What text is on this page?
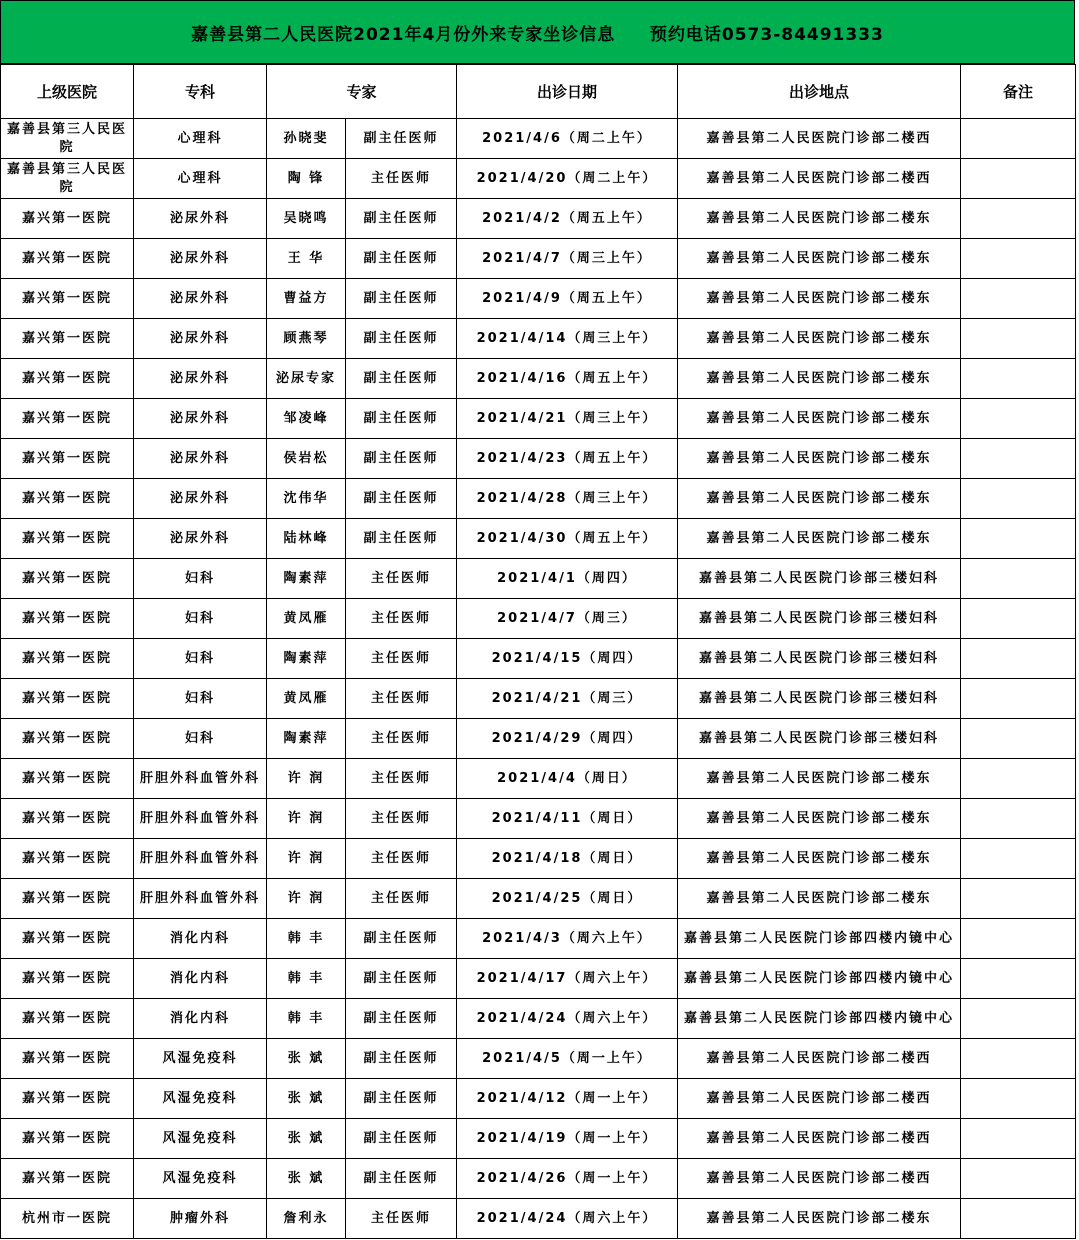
嘉善县第二人民医院2021年4月份外来专家坐诊信息
预约电话0573-84491333
上级医院	专科	专家		出诊日期	出诊地点	备注
嘉善县第三人民医院	心理科	孙晓斐	副主任医师	2021/4/6（周二上午）	嘉善县第二人民医院门诊部二楼西	
嘉善县第三人民医院	心理科	陶 锋	主任医师	2021/4/20（周二上午）	嘉善县第二人民医院门诊部二楼西	
嘉兴第一医院	泌尿外科	吴晓鸣	副主任医师	2021/4/2（周五上午）	嘉善县第二人民医院门诊部二楼东	
嘉兴第一医院	泌尿外科	王 华	副主任医师	2021/4/7（周三上午）	嘉善县第二人民医院门诊部二楼东	
嘉兴第一医院	泌尿外科	曹益方	副主任医师	2021/4/9（周五上午）	嘉善县第二人民医院门诊部二楼东	
嘉兴第一医院	泌尿外科	顾燕琴	副主任医师	2021/4/14（周三上午）	嘉善县第二人民医院门诊部二楼东	
嘉兴第一医院	泌尿外科	泌尿专家	副主任医师	2021/4/16（周五上午）	嘉善县第二人民医院门诊部二楼东	
嘉兴第一医院	泌尿外科	邹凌峰	副主任医师	2021/4/21（周三上午）	嘉善县第二人民医院门诊部二楼东	
嘉兴第一医院	泌尿外科	侯岩松	副主任医师	2021/4/23（周五上午）	嘉善县第二人民医院门诊部二楼东	
嘉兴第一医院	泌尿外科	沈伟华	副主任医师	2021/4/28（周三上午）	嘉善县第二人民医院门诊部二楼东	
嘉兴第一医院	泌尿外科	陆林峰	副主任医师	2021/4/30（周五上午）	嘉善县第二人民医院门诊部二楼东	
嘉兴第一医院	妇科	陶素萍	主任医师	2021/4/1（周四）	嘉善县第二人民医院门诊部三楼妇科	
嘉兴第一医院	妇科	黄凤雁	主任医师	2021/4/7（周三）	嘉善县第二人民医院门诊部三楼妇科	
嘉兴第一医院	妇科	陶素萍	主任医师	2021/4/15（周四）	嘉善县第二人民医院门诊部三楼妇科	
嘉兴第一医院	妇科	黄凤雁	主任医师	2021/4/21（周三）	嘉善县第二人民医院门诊部三楼妇科	
嘉兴第一医院	妇科	陶素萍	主任医师	2021/4/29（周四）	嘉善县第二人民医院门诊部三楼妇科	
嘉兴第一医院	肝胆外科血管外科	许 润	主任医师	2021/4/4（周日）	嘉善县第二人民医院门诊部二楼东	
嘉兴第一医院	肝胆外科血管外科	许 润	主任医师	2021/4/11（周日）	嘉善县第二人民医院门诊部二楼东	
嘉兴第一医院	肝胆外科血管外科	许 润	主任医师	2021/4/18（周日）	嘉善县第二人民医院门诊部二楼东	
嘉兴第一医院	肝胆外科血管外科	许 润	主任医师	2021/4/25（周日）	嘉善县第二人民医院门诊部二楼东	
嘉兴第一医院	消化内科	韩 丰	副主任医师	2021/4/3（周六上午）	嘉善县第二人民医院门诊部四楼内镜中心	
嘉兴第一医院	消化内科	韩 丰	副主任医师	2021/4/17（周六上午）	嘉善县第二人民医院门诊部四楼内镜中心	
嘉兴第一医院	消化内科	韩 丰	副主任医师	2021/4/24（周六上午）	嘉善县第二人民医院门诊部四楼内镜中心	
嘉兴第一医院	风湿免疫科	张 斌	副主任医师	2021/4/5（周一上午）	嘉善县第二人民医院门诊部二楼西	
嘉兴第一医院	风湿免疫科	张 斌	副主任医师	2021/4/12（周一上午）	嘉善县第二人民医院门诊部二楼西	
嘉兴第一医院	风湿免疫科	张 斌	副主任医师	2021/4/19（周一上午）	嘉善县第二人民医院门诊部二楼西	
嘉兴第一医院	风湿免疫科	张 斌	副主任医师	2021/4/26（周一上午）	嘉善县第二人民医院门诊部二楼西	
杭州市一医院	肿瘤外科	詹利永	主任医师	2021/4/24（周六上午）	嘉善县第二人民医院门诊部二楼东	
